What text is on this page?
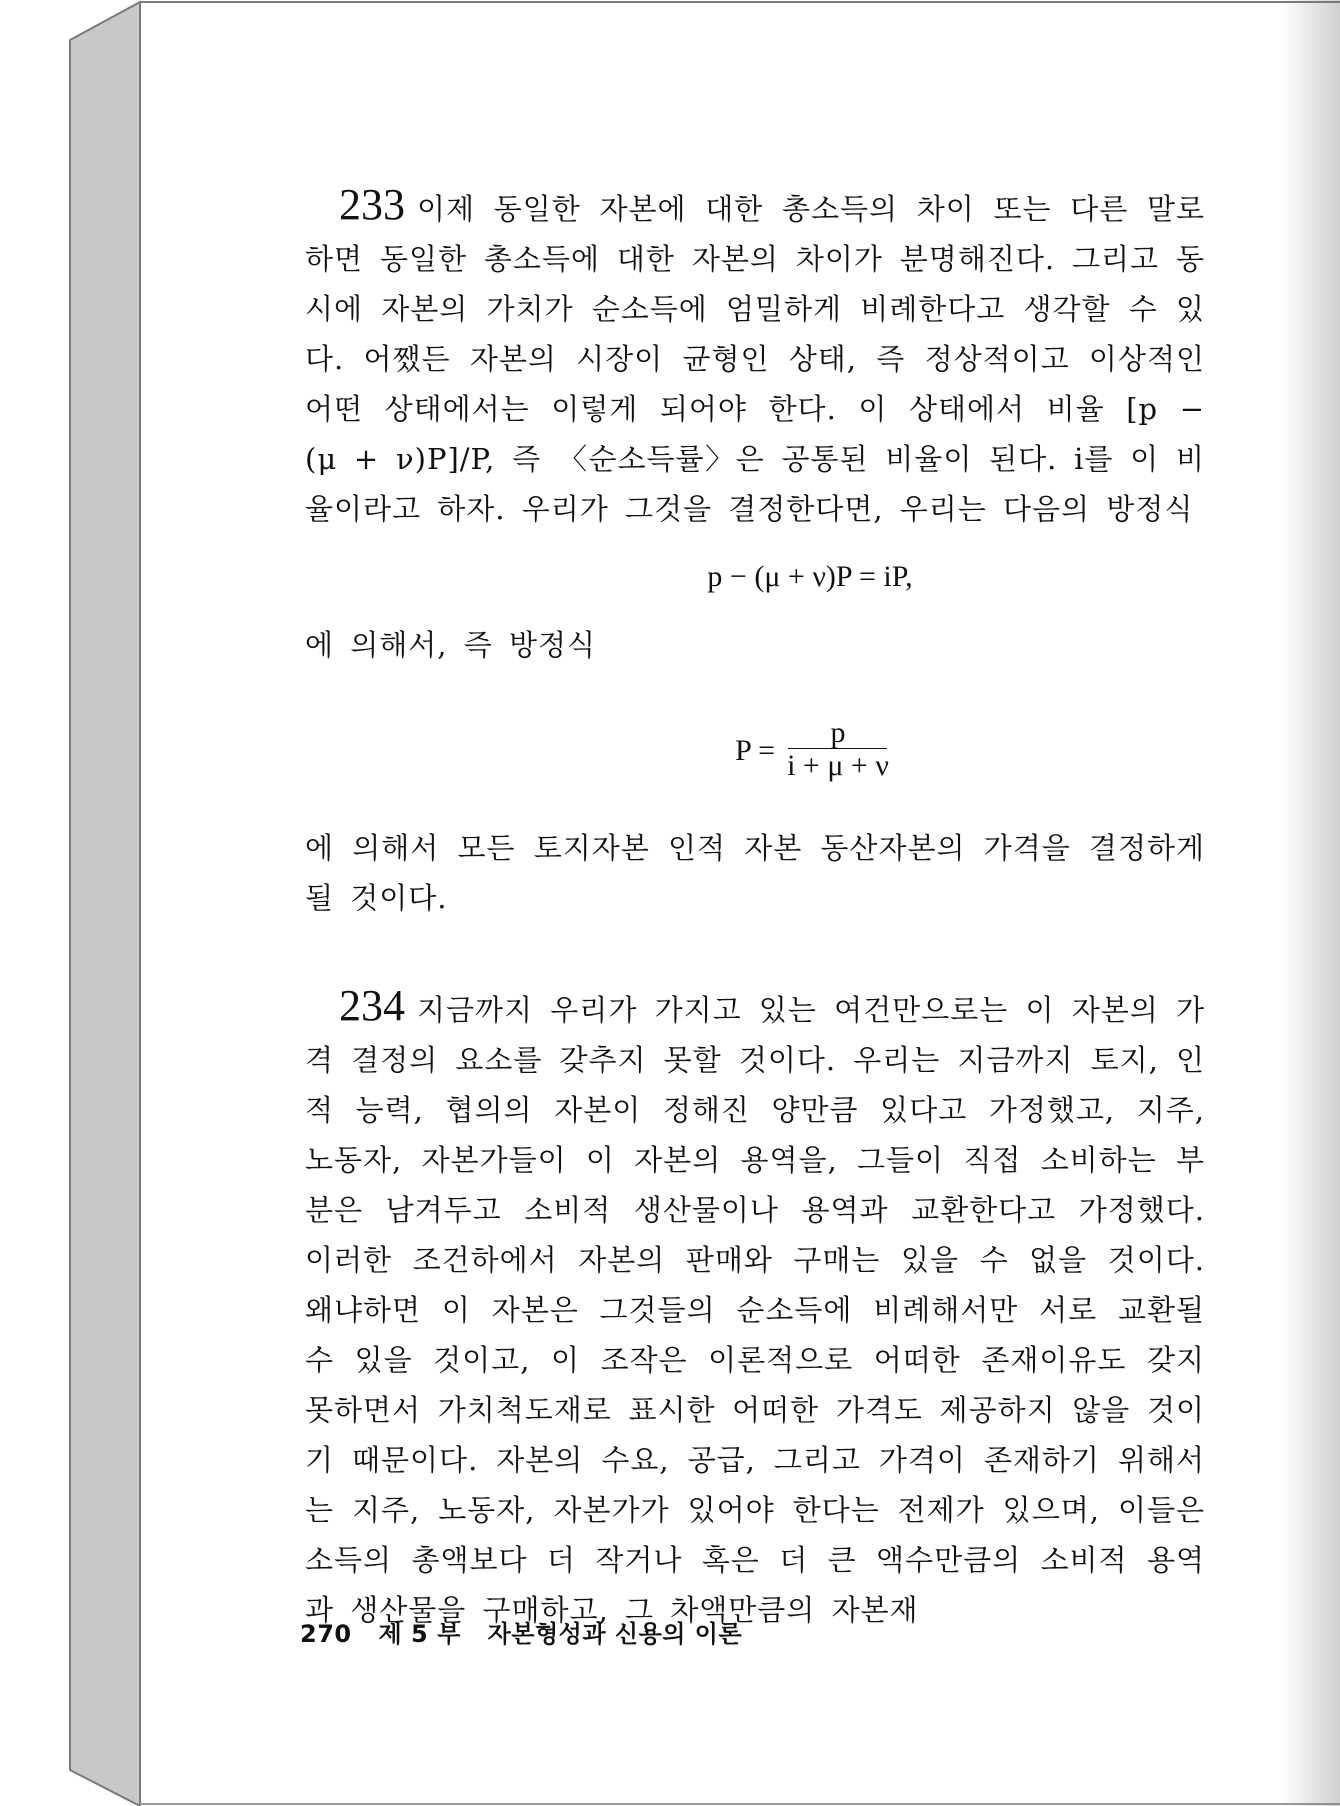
233 이제 동일한 자본에 대한 총소득의 차이 또는 다른 말로 하면 동일한 총소득에 대한 자본의 차이가 분명해진다. 그리고 동시에 자본의 가치가 순소득에 엄밀하게 비례한다고 생각할 수 있다. 어쨌든 자본의 시장이 균형인 상태, 즉 정상적이고 이상적인 어떤 상태에서는 이렇게 되어야 한다. 이 상태에서 비율 [p − (μ + ν)P]/P, 즉 〈순소득률〉은 공통된 비율이 된다. i를 이 비율이라고 하자. 우리가 그것을 결정한다면, 우리는 다음의 방정식

p − (μ + ν)P = iP,

에 의해서, 즉 방정식

$P = \frac{p}{i + \mu + \nu}$

에 의해서 모든 토지자본 인적 자본 동산자본의 가격을 결정하게 될 것이다.

234 지금까지 우리가 가지고 있는 여건만으로는 이 자본의 가격 결정의 요소를 갖추지 못할 것이다. 우리는 지금까지 토지, 인적 능력, 협의의 자본이 정해진 양만큼 있다고 가정했고, 지주, 노동자, 자본가들이 이 자본의 용역을, 그들이 직접 소비하는 부분은 남겨두고 소비적 생산물이나 용역과 교환한다고 가정했다. 이러한 조건하에서 자본의 판매와 구매는 있을 수 없을 것이다. 왜냐하면 이 자본은 그것들의 순소득에 비례해서만 서로 교환될 수 있을 것이고, 이 조작은 이론적으로 어떠한 존재이유도 갖지 못하면서 가치척도재로 표시한 어떠한 가격도 제공하지 않을 것이기 때문이다. 자본의 수요, 공급, 그리고 가격이 존재하기 위해서는 지주, 노동자, 자본가가 있어야 한다는 전제가 있으며, 이들은 소득의 총액보다 더 작거나 혹은 더 큰 액수만큼의 소비적 용역과 생산물을 구매하고, 그 차액만큼의 자본재

270 제 5 부 자본형성과 신용의 이론
